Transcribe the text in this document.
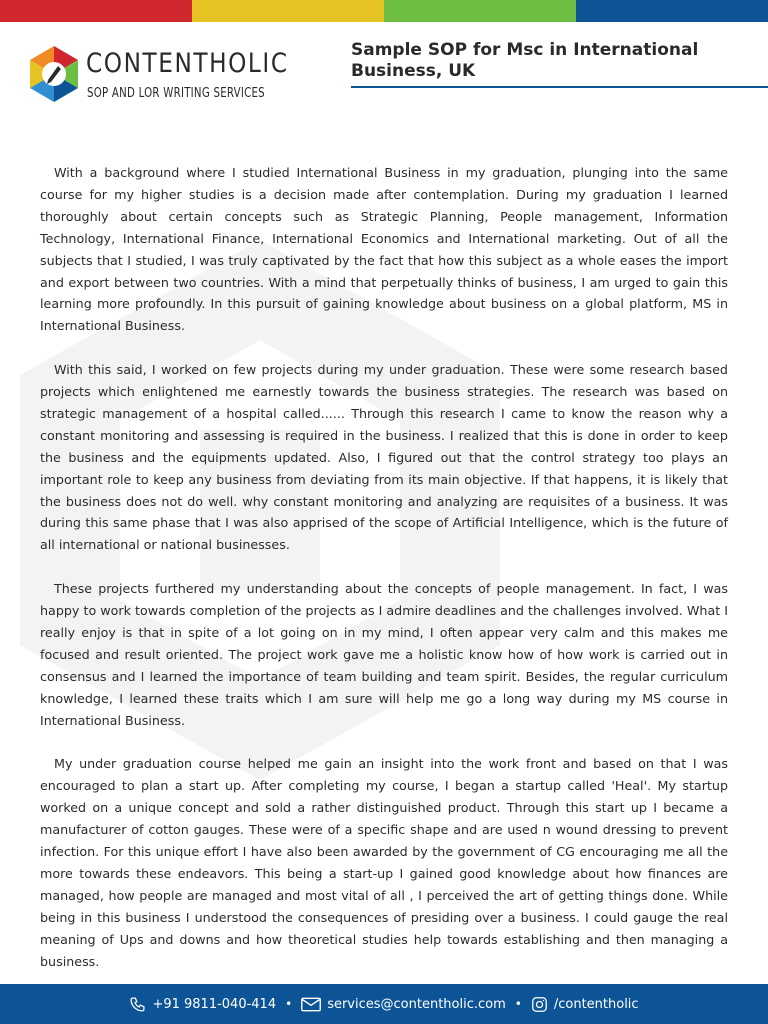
CONTENTHOLIC
SOP AND LOR WRITING SERVICES
Sample SOP for Msc in International Business, UK

With a background where I studied International Business in my graduation, plunging into the same course for my higher studies is a decision made after contemplation. During my graduation I learned thoroughly about certain concepts such as Strategic Planning, People management, Information Technology, International Finance, International Economics and International marketing. Out of all the subjects that I studied, I was truly captivated by the fact that how this subject as a whole eases the import and export between two countries. With a mind that perpetually thinks of business, I am urged to gain this learning more profoundly. In this pursuit of gaining knowledge about business on a global platform, MS in International Business.

With this said, I worked on few projects during my under graduation. These were some research based projects which enlightened me earnestly towards the business strategies. The research was based on strategic management of a hospital called...... Through this research I came to know the reason why a constant monitoring and assessing is required in the business. I realized that this is done in order to keep the business and the equipments updated. Also, I figured out that the control strategy too plays an important role to keep any business from deviating from its main objective. If that happens, it is likely that the business does not do well. why constant monitoring and analyzing are requisites of a business. It was during this same phase that I was also apprised of the scope of Artificial Intelligence, which is the future of all international or national businesses.

These projects furthered my understanding about the concepts of people management. In fact, I was happy to work towards completion of the projects as I admire deadlines and the challenges involved. What I really enjoy is that in spite of a lot going on in my mind, I often appear very calm and this makes me focused and result oriented. The project work gave me a holistic know how of how work is carried out in consensus and I learned the importance of team building and team spirit. Besides, the regular curriculum knowledge, I learned these traits which I am sure will help me go a long way during my MS course in International Business.

My under graduation course helped me gain an insight into the work front and based on that I was encouraged to plan a start up. After completing my course, I began a startup called 'Heal'. My startup worked on a unique concept and sold a rather distinguished product. Through this start up I became a manufacturer of cotton gauges. These were of a specific shape and are used n wound dressing to prevent infection. For this unique effort I have also been awarded by the government of CG encouraging me all the more towards these endeavors. This being a start-up I gained good knowledge about how finances are managed, how people are managed and most vital of all , I perceived the art of getting things done. While being in this business I understood the consequences of presiding over a business. I could gauge the real meaning of Ups and downs and how theoretical studies help towards establishing and then managing a business.

+91 9811-040-414 •	services@contentholic.com • /contentholic
